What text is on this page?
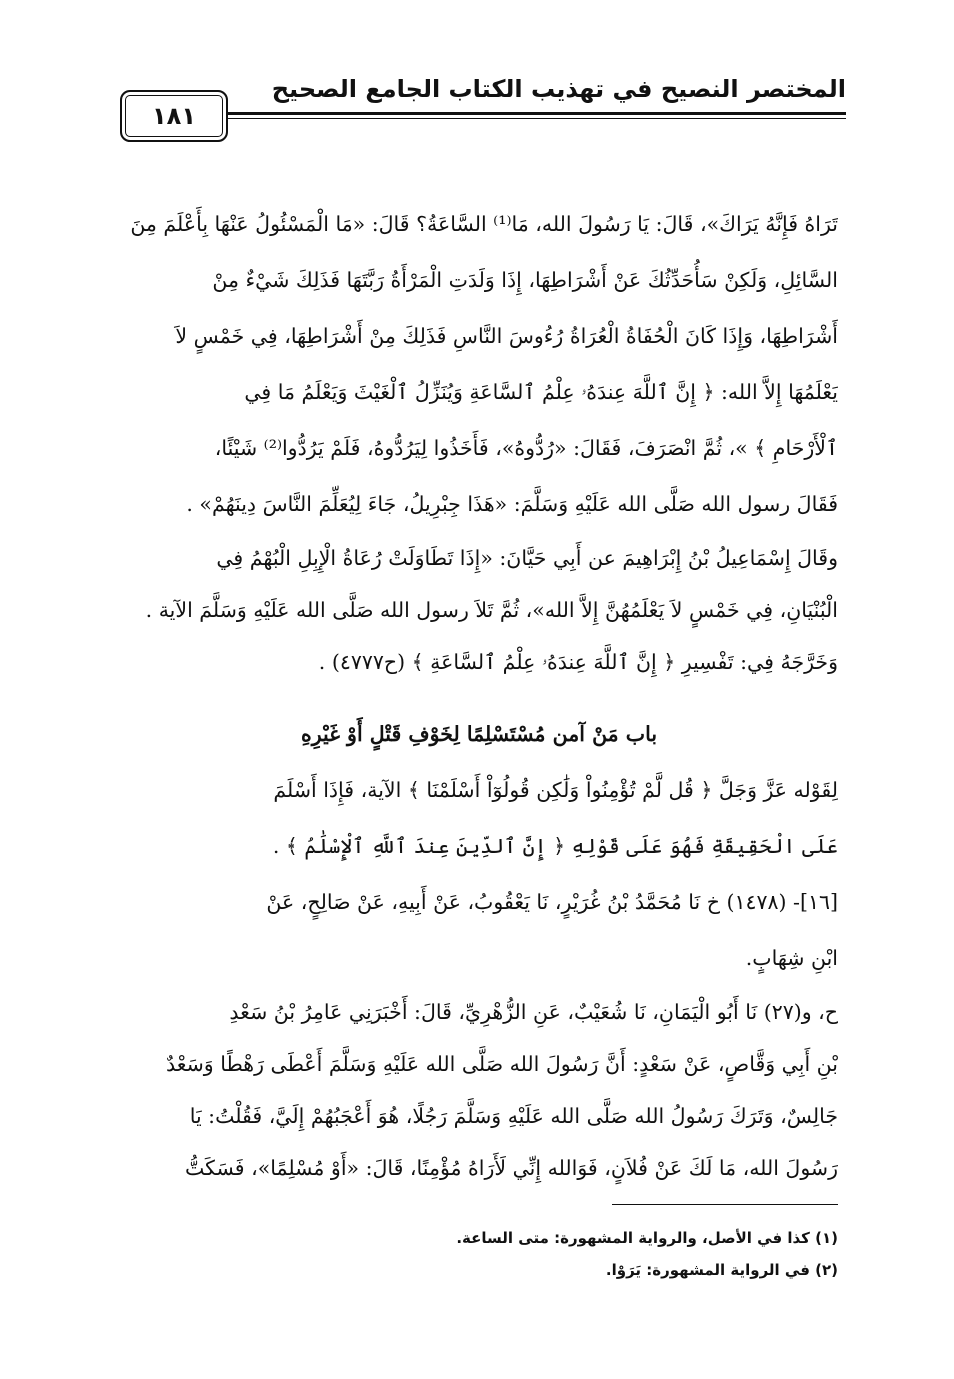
المختصر النصيح في تهذيب الكتاب الجامع الصحيح
١٨١
تَرَاهُ فَإِنَّهُ يَرَاكَ»، قَالَ: يَا رَسُولَ الله، مَا⁽¹⁾ السَّاعَةُ؟ قَالَ: «مَا الْمَسْئُولُ عَنْهَا بِأَعْلَمَ مِنَ
السَّائِلِ، وَلَكِنْ سَأُحَدِّثُكَ عَنْ أَشْرَاطِهَا، إِذَا وَلَدَتِ الْمَرْأَةُ رَبَّتَهَا فَذَلِكَ شَيْءٌ مِنْ
أَشْرَاطِهَا، وَإِذَا كَانَ الْحُفَاةُ الْعُرَاةُ رُءُوسَ النَّاسِ فَذَلِكَ مِنْ أَشْرَاطِهَا، فِي خَمْسٍ لاَ
يَعْلَمُهَا إِلاَّ الله: ﴿ إِنَّ ٱللَّهَ عِندَهُۥ عِلْمُ ٱلسَّاعَةِ وَيُنَزِّلُ ٱلْغَيْثَ وَيَعْلَمُ مَا فِي
ٱلْأَرْحَامِ ﴾ »، ثُمَّ انْصَرَفَ، فَقَالَ: «رُدُّوهُ»، فَأَخَذُوا لِيَرُدُّوهُ، فَلَمْ يَرُدُّوا⁽²⁾ شَيْئًا،
فَقَالَ رسول الله صَلَّى الله عَلَيْهِ وَسَلَّمَ: «هَذَا جِبْرِيلُ، جَاءَ لِيُعَلِّمَ النَّاسَ دِينَهُمْ» .
وقَالَ إِسْمَاعِيلُ بْنُ إِبْرَاهِيمَ عن أَبِي حَيَّانَ: «إِذَا تَطَاوَلَتْ رُعَاةُ الْإِبِلِ الْبُهْمُ فِي
الْبُنْيَانِ، فِي خَمْسٍ لاَ يَعْلَمُهُنَّ إِلاَّ الله»، ثُمَّ تَلاَ رسول الله صَلَّى الله عَلَيْهِ وَسَلَّمَ الآية .
وَخَرَّجَهُ فِي: تَفْسِيرِ ﴿ إِنَّ ٱللَّهَ عِندَهُۥ عِلْمُ ٱلسَّاعَةِ ﴾ (ح٤٧٧٧) .
باب مَنْ آمن مُسْتَسْلِمًا لِخَوْفِ قَتْلٍ أَوْ غَيْرِهِ
لِقَوْله عَزَّ وَجَلَّ ﴿ قُل لَّمْ تُؤْمِنُواْ وَلَٰكِن قُولُوٓاْ أَسْلَمْنَا ﴾ الآية، فَإِذَا أَسْلَمَ
عَلَى الْحَقِيقَةِ فَهُوَ عَلَى قَوْلِهِ ﴿ إِنَّ ٱلدِّينَ عِندَ ٱللَّهِ ٱلْإِسْلَٰمُ ﴾ .
[١٦]- (١٤٧٨) خ نَا مُحَمَّدُ بْنُ غُرَيْرٍ، نَا يَعْقُوبُ، عَنْ أَبِيهِ، عَنْ صَالِحٍ، عَنْ
ابْنِ شِهَابٍ.
ح، و(٢٧) نَا أَبُو الْيَمَانِ، نَا شُعَيْبٌ، عَنِ الزُّهْرِيِّ، قَالَ: أَخْبَرَنِي عَامِرُ بْنُ سَعْدِ
بْنِ أَبِي وَقَّاصٍ، عَنْ سَعْدٍ: أَنَّ رَسُولَ الله صَلَّى الله عَلَيْهِ وَسَلَّمَ أَعْطَى رَهْطًا وَسَعْدٌ
جَالِسٌ، وَتَرَكَ رَسُولُ الله صَلَّى الله عَلَيْهِ وَسَلَّمَ رَجُلًا، هُوَ أَعْجَبُهُمْ إِلَيَّ، فَقُلْتُ: يَا
رَسُولَ الله، مَا لَكَ عَنْ فُلاَنٍ، فَوَالله إِنِّي لَأَرَاهُ مُؤْمِنًا، قَالَ: «أَوْ مُسْلِمًا»، فَسَكَتُّ
(١) كذا في الأصل، والرواية المشهورة: متى الساعة.
(٢) في الرواية المشهورة: يَرَوْا.
